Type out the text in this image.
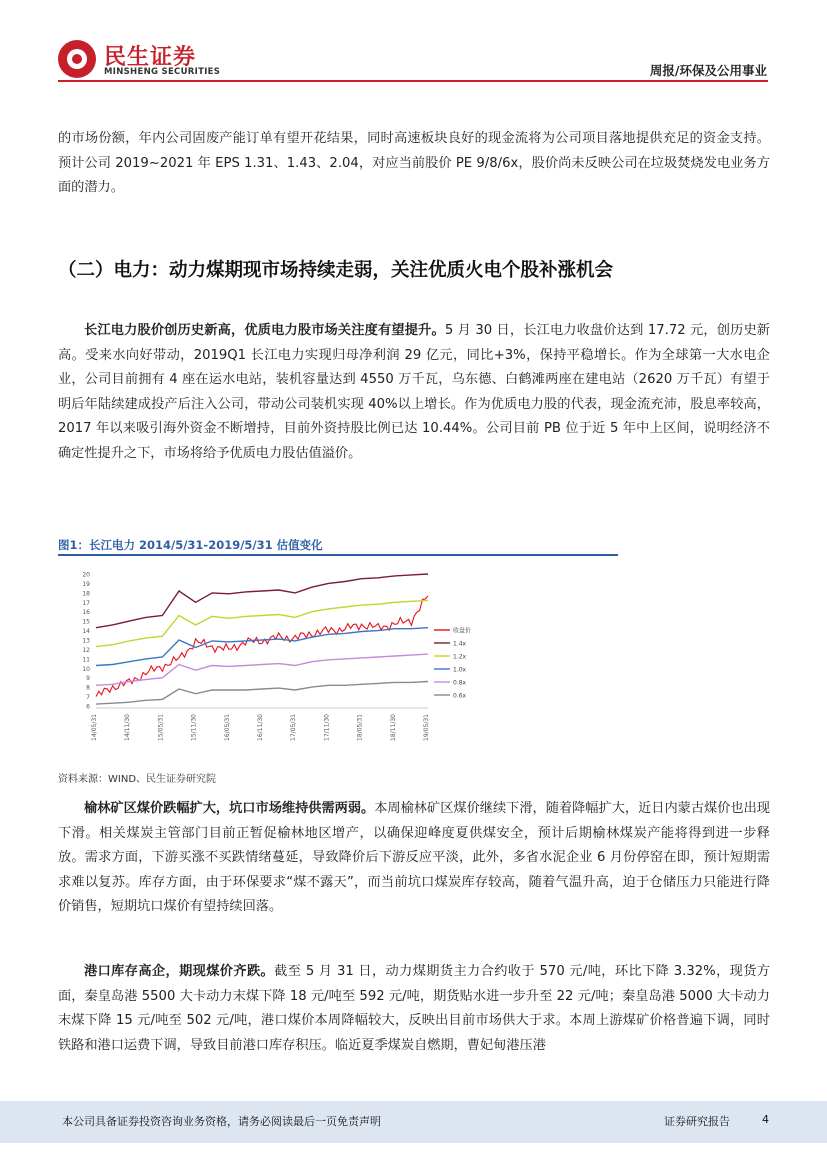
民生证券
MINSHENG SECURITIES	周报/环保及公用事业

的市场份额，年内公司固废产能订单有望开花结果，同时高速板块良好的现金流将为公司项目落地提供充足的资金支持。预计公司 2019~2021 年 EPS 1.31、1.43、2.04，对应当前股价 PE 9/8/6x，股价尚未反映公司在垃圾焚烧发电业务方面的潜力。

（二）电力：动力煤期现市场持续走弱，关注优质火电个股补涨机会

长江电力股价创历史新高，优质电力股市场关注度有望提升。5 月 30 日，长江电力收盘价达到 17.72 元，创历史新高。受来水向好带动，2019Q1 长江电力实现归母净利润 29 亿元，同比+3%，保持平稳增长。作为全球第一大水电企业，公司目前拥有 4 座在运水电站，装机容量达到 4550 万千瓦，乌东德、白鹤滩两座在建电站（2620 万千瓦）有望于明后年陆续建成投产后注入公司，带动公司装机实现 40%以上增长。作为优质电力股的代表，现金流充沛，股息率较高，2017 年以来吸引海外资金不断增持，目前外资持股比例已达 10.44%。公司目前 PB 位于近 5 年中上区间，说明经济不确定性提升之下，市场将给予优质电力股估值溢价。

图1：长江电力 2014/5/31-2019/5/31 估值变化
20
19
18
17
16
15
14
13
12
11
10
9
8
7
6
14/05/31	14/11/30	15/05/31	15/11/30	16/05/31	16/11/30	17/05/31	17/11/30	18/05/31	18/11/30	19/05/31
收盘价
1.4x
1.2x
1.0x
0.8x
0.6x
资料来源：WIND、民生证券研究院

榆林矿区煤价跌幅扩大，坑口市场维持供需两弱。本周榆林矿区煤价继续下滑，随着降幅扩大，近日内蒙古煤价也出现下滑。相关煤炭主管部门目前正暂促榆林地区增产，以确保迎峰度夏供煤安全，预计后期榆林煤炭产能将得到进一步释放。需求方面，下游买涨不买跌情绪蔓延，导致降价后下游反应平淡，此外，多省水泥企业 6 月份停窑在即，预计短期需求难以复苏。库存方面，由于环保要求“煤不露天”，而当前坑口煤炭库存较高，随着气温升高，迫于仓储压力只能进行降价销售，短期坑口煤价有望持续回落。

港口库存高企，期现煤价齐跌。截至 5 月 31 日，动力煤期货主力合约收于 570 元/吨，环比下降 3.32%，现货方面，秦皇岛港 5500 大卡动力末煤下降 18 元/吨至 592 元/吨，期货贴水进一步升至 22 元/吨；秦皇岛港 5000 大卡动力末煤下降 15 元/吨至 502 元/吨，港口煤价本周降幅较大，反映出目前市场供大于求。本周上游煤矿价格普遍下调，同时铁路和港口运费下调，导致目前港口库存积压。临近夏季煤炭自燃期，曹妃甸港压港

本公司具备证券投资咨询业务资格，请务必阅读最后一页免责声明	证券研究报告	4
